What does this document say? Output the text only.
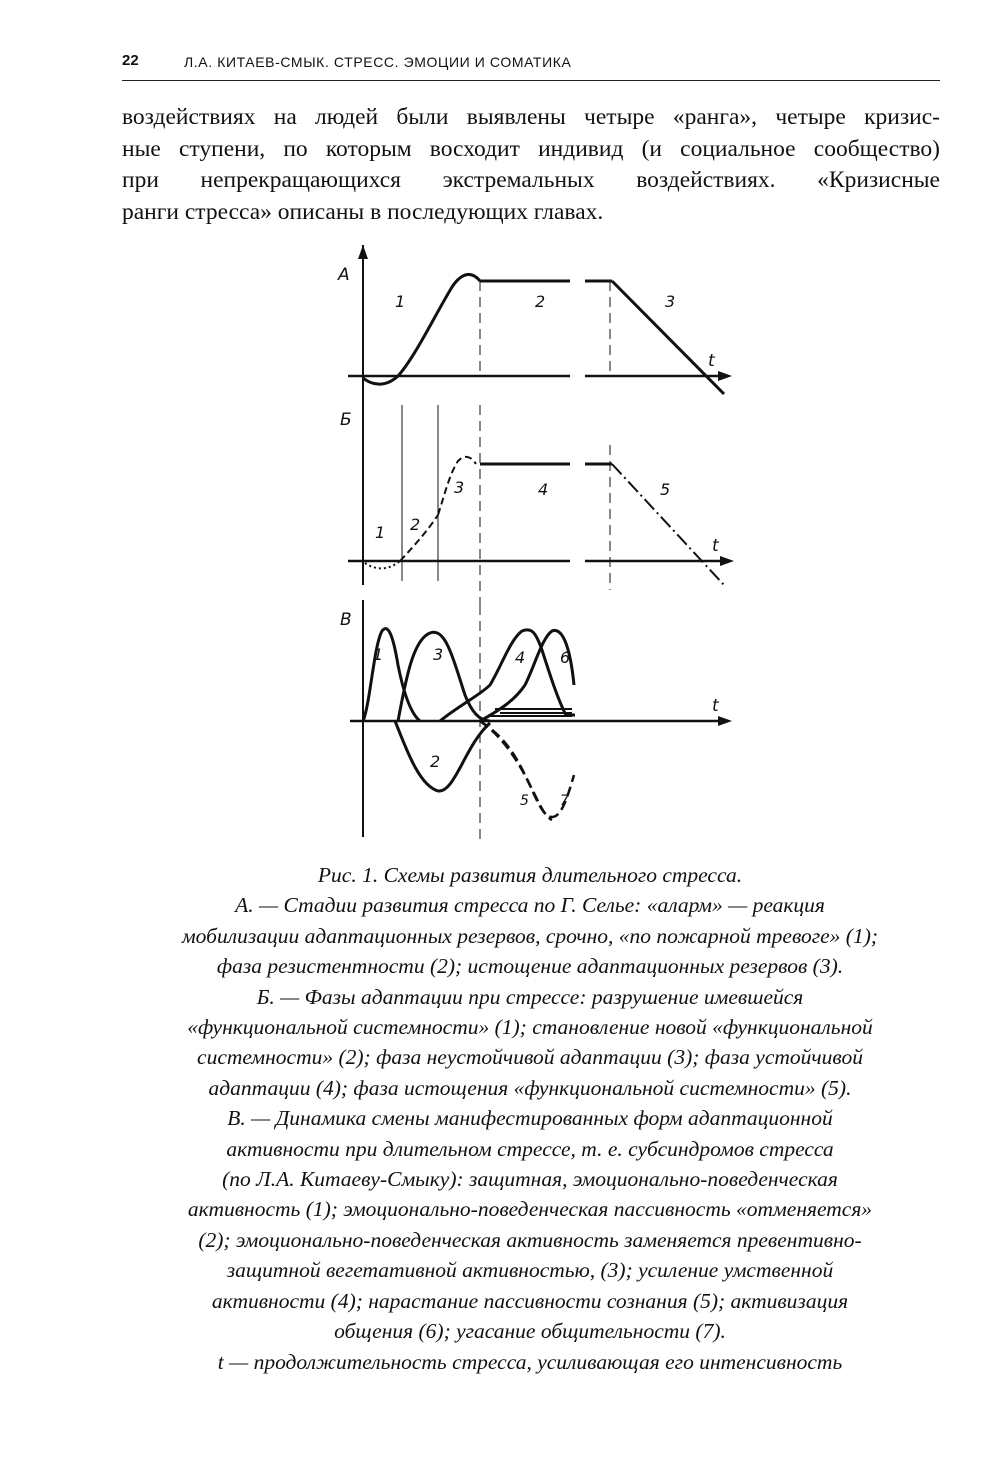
22	Л.А. КИТАЕВ-СМЫК. СТРЕСС. ЭМОЦИИ И СОМАТИКА
воздействиях на людей были выявлены четыре «ранга», четыре кризис-
ные ступени, по которым восходит индивид (и социальное сообщество)
при непрекращающихся экстремальных воздействиях. «Кризисные
ранги стресса» описаны в последующих главах.
А
t
1	2	3
Б
t
1 2
3	4	5
В
t
1
2
3	4
5
6
7
Рис. 1. Схемы развития длительного стресса.
А. — Стадии развития стресса по Г. Селье: «аларм» — реакция
мобилизации адаптационных резервов, срочно, «по пожарной тревоге» (1);
фаза резистентности (2); истощение адаптационных резервов (3).
Б. — Фазы адаптации при стрессе: разрушение имевшейся
«функциональной системности» (1); становление новой «функциональной
системности» (2); фаза неустойчивой адаптации (3); фаза устойчивой
адаптации (4); фаза истощения «функциональной системности» (5).
В. — Динамика смены манифестированных форм адаптационной
активности при длительном стрессе, т. е. субсиндромов стресса
(по Л.А. Китаеву-Смыку): защитная, эмоционально-поведенческая
активность (1); эмоционально-поведенческая пассивность «отменяется»
(2); эмоционально-поведенческая активность заменяется превентивно-
защитной вегетативной активностью, (3); усиление умственной
активности (4); нарастание пассивности сознания (5); активизация
общения (6); угасание общительности (7).
t — продолжительность стресса, усиливающая его интенсивность
